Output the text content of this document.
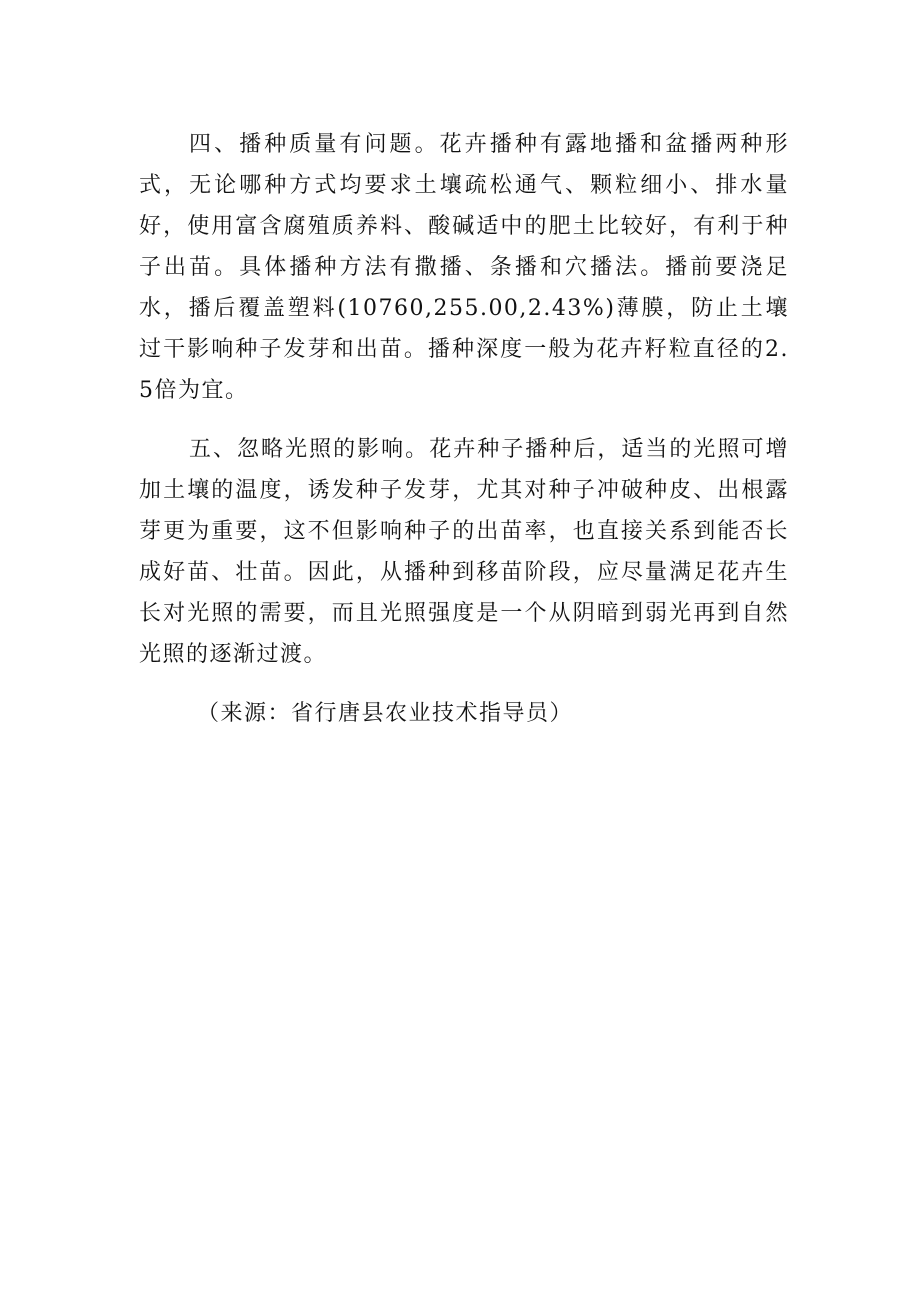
四、播种质量有问题。花卉播种有露地播和盆播两种形式，无论哪种方式均要求土壤疏松通气、颗粒细小、排水量好，使用富含腐殖质养料、酸碱适中的肥土比较好，有利于种子出苗。具体播种方法有撒播、条播和穴播法。播前要浇足水，播后覆盖塑料(10760,255.00,2.43%)薄膜，防止土壤过干影响种子发芽和出苗。播种深度一般为花卉籽粒直径的2.5倍为宜。

五、忽略光照的影响。花卉种子播种后，适当的光照可增加土壤的温度，诱发种子发芽，尤其对种子冲破种皮、出根露芽更为重要，这不但影响种子的出苗率，也直接关系到能否长成好苗、壮苗。因此，从播种到移苗阶段，应尽量满足花卉生长对光照的需要，而且光照强度是一个从阴暗到弱光再到自然光照的逐渐过渡。

（来源：省行唐县农业技术指导员）
